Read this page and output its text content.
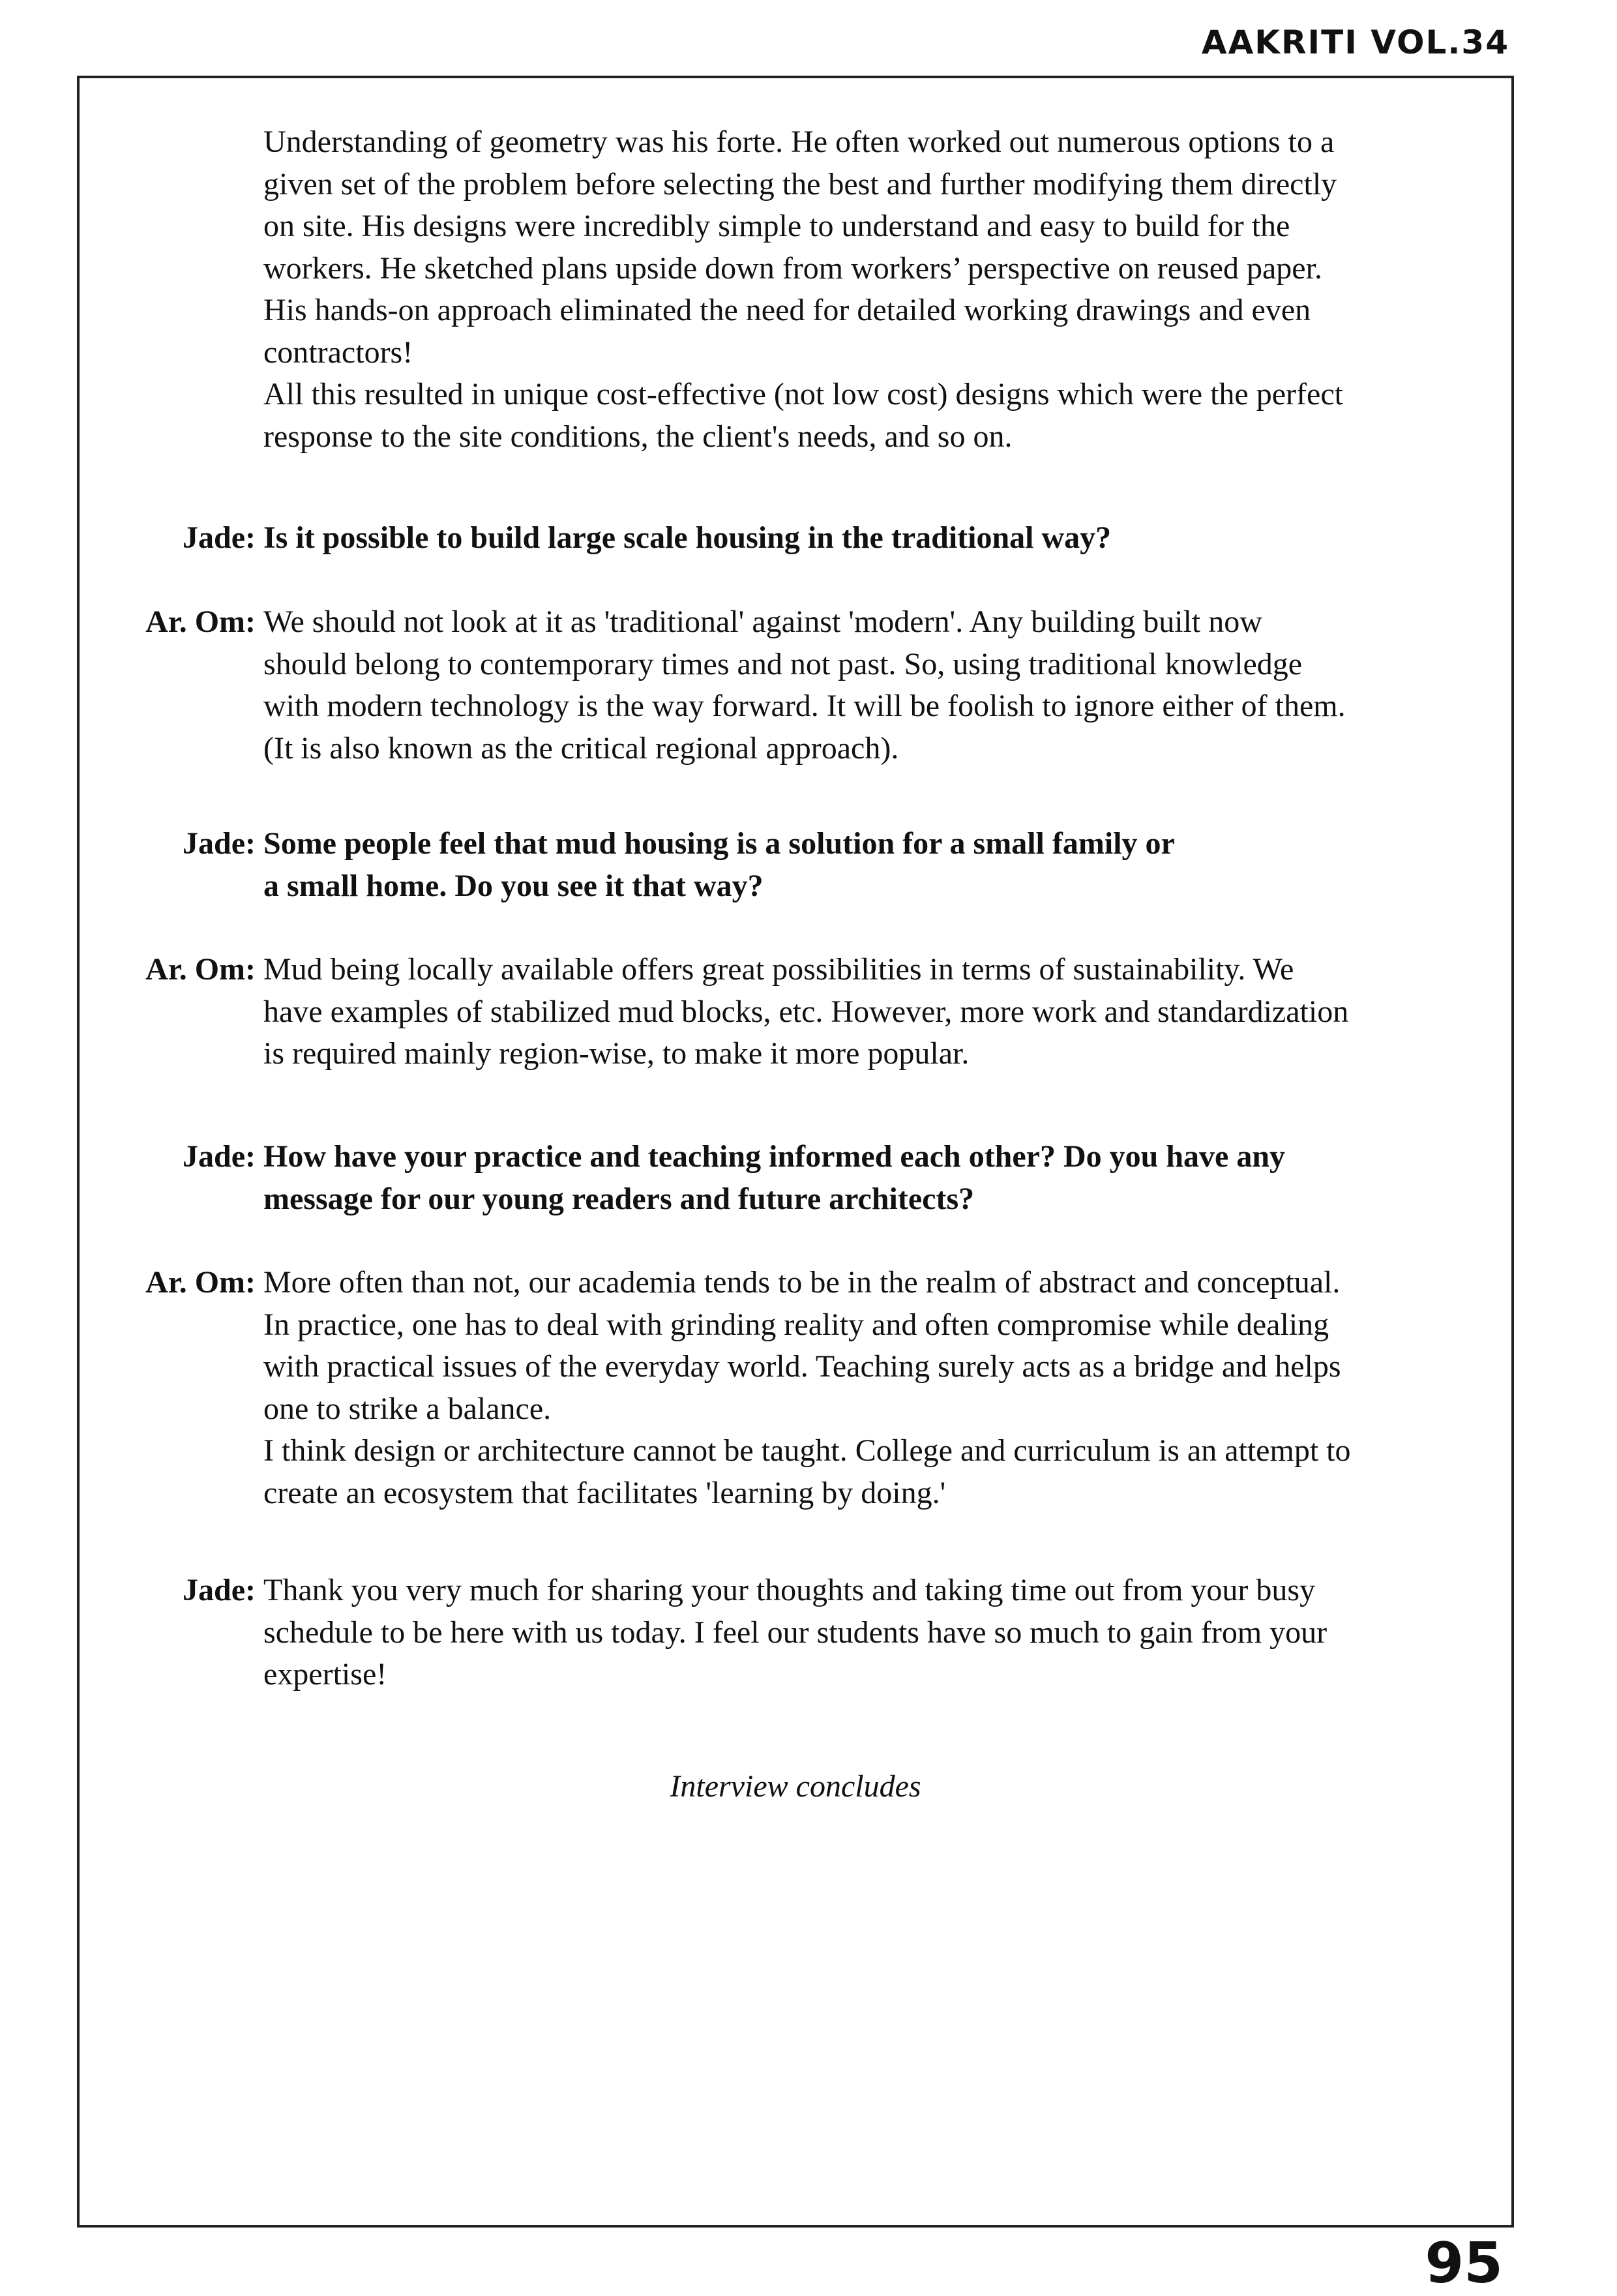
AAKRITI VOL.34

Understanding of geometry was his forte. He often worked out numerous options to a
given set of the problem before selecting the best and further modifying them directly
on site. His designs were incredibly simple to understand and easy to build for the
workers. He sketched plans upside down from workers’ perspective on reused paper.
His hands-on approach eliminated the need for detailed working drawings and even
contractors!
All this resulted in unique cost-effective (not low cost) designs which were the perfect
response to the site conditions, the client's needs, and so on.

Jade: Is it possible to build large scale housing in the traditional way?

Ar. Om: We should not look at it as 'traditional' against 'modern'. Any building built now
should belong to contemporary times and not past. So, using traditional knowledge
with modern technology is the way forward. It will be foolish to ignore either of them.
(It is also known as the critical regional approach).

Jade: Some people feel that mud housing is a solution for a small family or
a small home. Do you see it that way?

Ar. Om: Mud being locally available offers great possibilities in terms of sustainability. We
have examples of stabilized mud blocks, etc. However, more work and standardization
is required mainly region-wise, to make it more popular.

Jade: How have your practice and teaching informed each other? Do you have any
message for our young readers and future architects?

Ar. Om: More often than not, our academia tends to be in the realm of abstract and conceptual.
In practice, one has to deal with grinding reality and often compromise while dealing
with practical issues of the everyday world. Teaching surely acts as a bridge and helps
one to strike a balance.
I think design or architecture cannot be taught. College and curriculum is an attempt to
create an ecosystem that facilitates 'learning by doing.'

Jade: Thank you very much for sharing your thoughts and taking time out from your busy
schedule to be here with us today. I feel our students have so much to gain from your
expertise!

Interview concludes
95
